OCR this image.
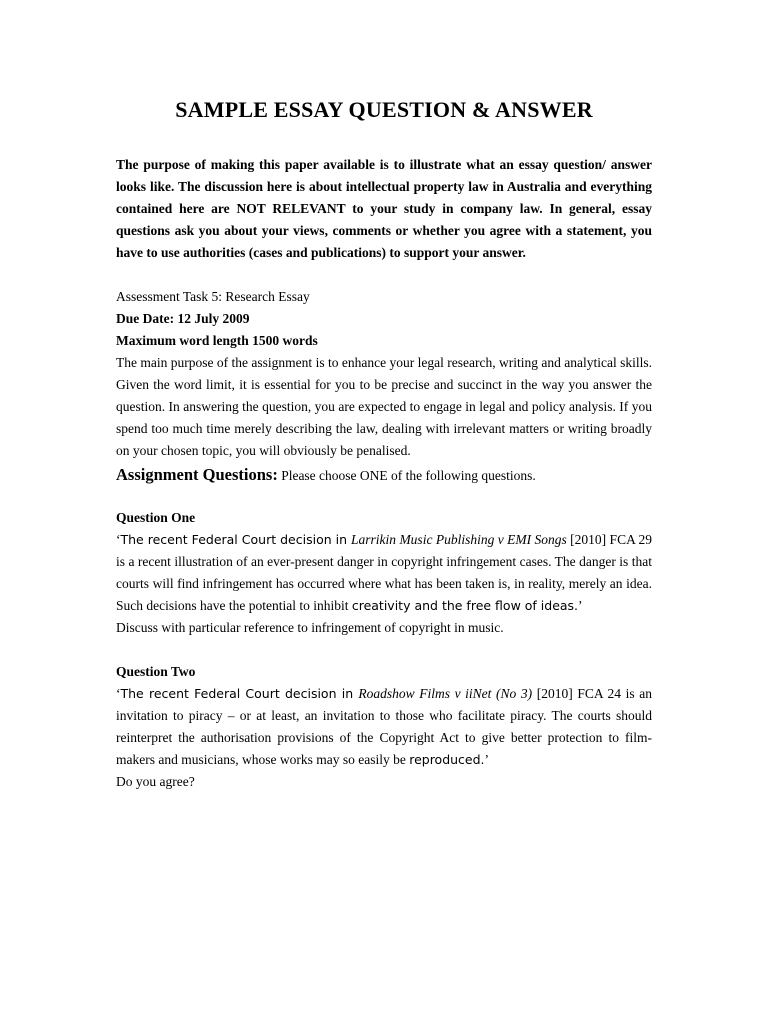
SAMPLE ESSAY QUESTION & ANSWER

The purpose of making this paper available is to illustrate what an essay question/ answer looks like. The discussion here is about intellectual property law in Australia and everything contained here are NOT RELEVANT to your study in company law. In general, essay questions ask you about your views, comments or whether you agree with a statement, you have to use authorities (cases and publications) to support your answer.

Assessment Task 5: Research Essay

Due Date: 12 July 2009

Maximum word length 1500 words

The main purpose of the assignment is to enhance your legal research, writing and analytical skills. Given the word limit, it is essential for you to be precise and succinct in the way you answer the question. In answering the question, you are expected to engage in legal and policy analysis. If you spend too much time merely describing the law, dealing with irrelevant matters or writing broadly on your chosen topic, you will obviously be penalised.

Assignment Questions: Please choose ONE of the following questions.

Question One

‘The recent Federal Court decision in Larrikin Music Publishing v EMI Songs [2010] FCA 29 is a recent illustration of an ever-present danger in copyright infringement cases. The danger is that courts will find infringement has occurred where what has been taken is, in reality, merely an idea. Such decisions have the potential to inhibit creativity and the free flow of ideas.’

Discuss with particular reference to infringement of copyright in music.

Question Two

‘The recent Federal Court decision in Roadshow Films v iiNet (No 3) [2010] FCA 24 is an invitation to piracy – or at least, an invitation to those who facilitate piracy. The courts should reinterpret the authorisation provisions of the Copyright Act to give better protection to film-makers and musicians, whose works may so easily be reproduced.’

Do you agree?
